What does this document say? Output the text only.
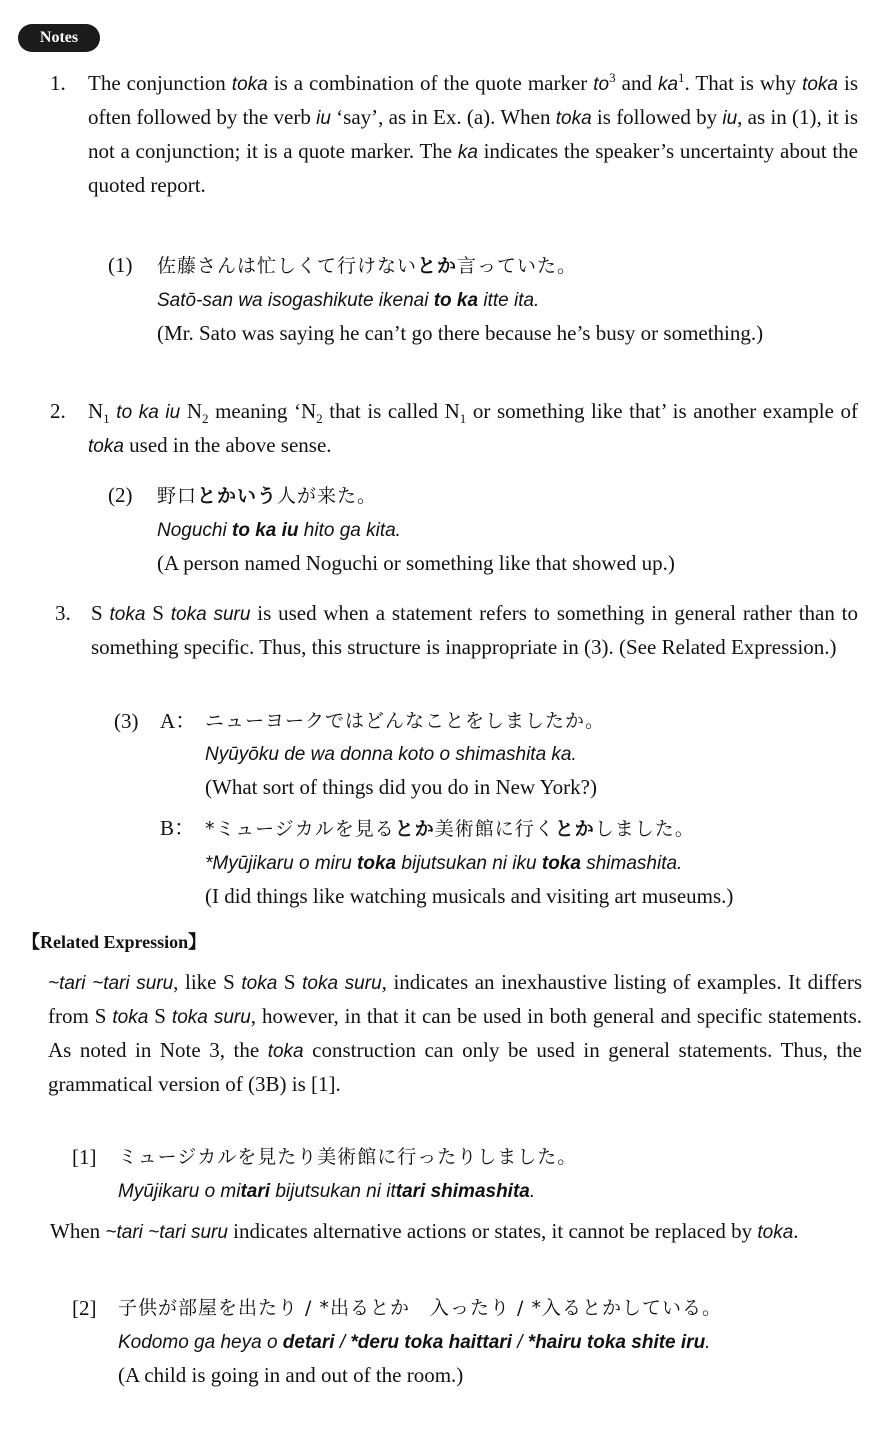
Notes
1. The conjunction toka is a combination of the quote marker $to^3$ and $ka^1$. That is why toka is often followed by the verb iu ‘say’, as in Ex. (a). When toka is followed by iu, as in (1), it is not a conjunction; it is a quote marker. The ka indicates the speaker’s uncertainty about the quoted report.
(1) 佐藤さんは忙しくて行けないとか言っていた。
Satō-san wa isogashikute ikenai to ka itte ita.
(Mr. Sato was saying he can’t go there because he’s busy or something.)
2. $N_1$ to ka iu $N_2$ meaning ‘$N_2$ that is called $N_1$ or something like that’ is another example of toka used in the above sense.
(2) 野口とかいう人が来た。
Noguchi to ka iu hito ga kita.
(A person named Noguchi or something like that showed up.)
3. S toka S toka suru is used when a statement refers to something in general rather than to something specific. Thus, this structure is inappropriate in (3). (See Related Expression.)
(3) A： ニューヨークではどんなことをしましたか。
Nyūyōku de wa donna koto o shimashita ka.
(What sort of things did you do in New York?)
B： *ミュージカルを見るとか美術館に行くとかしました。
*Myūjikaru o miru toka bijutsukan ni iku toka shimashita.
(I did things like watching musicals and visiting art museums.)
【Related Expression】
~tari ~tari suru, like S toka S toka suru, indicates an inexhaustive listing of examples. It differs from S toka S toka suru, however, in that it can be used in both general and specific statements. As noted in Note 3, the toka construction can only be used in general statements. Thus, the grammatical version of (3B) is [1].
[1] ミュージカルを見たり美術館に行ったりしました。
Myūjikaru o mitari bijutsukan ni ittari shimashita.
When ~tari ~tari suru indicates alternative actions or states, it cannot be replaced by toka.
[2] 子供が部屋を出たり / *出るとか　入ったり / *入るとかしている。
Kodomo ga heya o detari / *deru toka haittari / *hairu toka shite iru.
(A child is going in and out of the room.)
